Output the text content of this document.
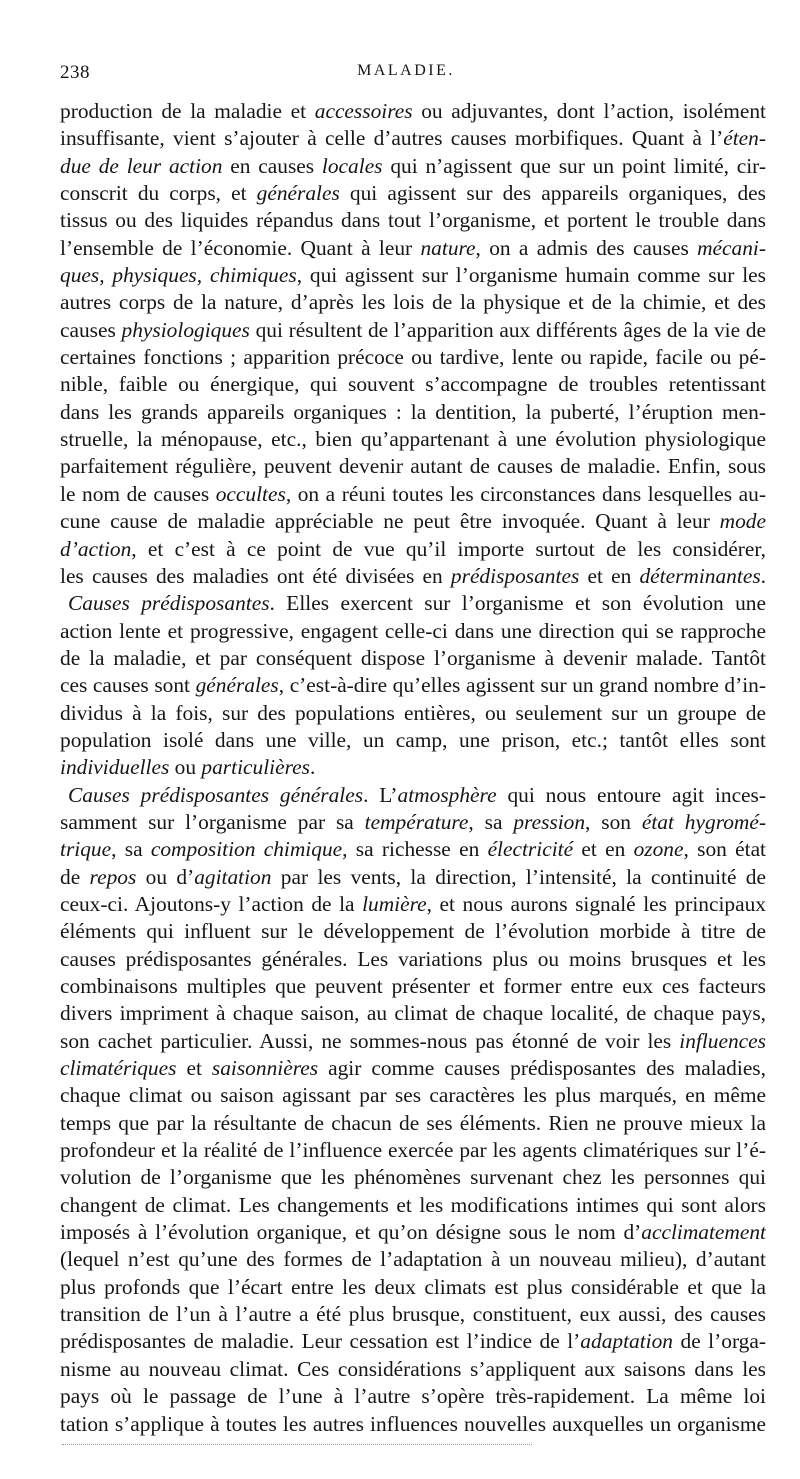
238	MALADIE.
production de la maladie et accessoires ou adjuvantes, dont l’action, isolément
insuffisante, vient s’ajouter à celle d’autres causes morbifiques. Quant à l’éten-
due de leur action en causes locales qui n’agissent que sur un point limité, cir-
conscrit du corps, et générales qui agissent sur des appareils organiques, des
tissus ou des liquides répandus dans tout l’organisme, et portent le trouble dans
l’ensemble de l’économie. Quant à leur nature, on a admis des causes mécani-
ques, physiques, chimiques, qui agissent sur l’organisme humain comme sur les
autres corps de la nature, d’après les lois de la physique et de la chimie, et des
causes physiologiques qui résultent de l’apparition aux différents âges de la vie de
certaines fonctions ; apparition précoce ou tardive, lente ou rapide, facile ou pé-
nible, faible ou énergique, qui souvent s’accompagne de troubles retentissant
dans les grands appareils organiques : la dentition, la puberté, l’éruption men-
struelle, la ménopause, etc., bien qu’appartenant à une évolution physiologique
parfaitement régulière, peuvent devenir autant de causes de maladie. Enfin, sous
le nom de causes occultes, on a réuni toutes les circonstances dans lesquelles au-
cune cause de maladie appréciable ne peut être invoquée. Quant à leur mode
d’action, et c’est à ce point de vue qu’il importe surtout de les considérer,
les causes des maladies ont été divisées en prédisposantes et en déterminantes.
Causes prédisposantes. Elles exercent sur l’organisme et son évolution une
action lente et progressive, engagent celle-ci dans une direction qui se rapproche
de la maladie, et par conséquent dispose l’organisme à devenir malade. Tantôt
ces causes sont générales, c’est-à-dire qu’elles agissent sur un grand nombre d’in-
dividus à la fois, sur des populations entières, ou seulement sur un groupe de
population isolé dans une ville, un camp, une prison, etc.; tantôt elles sont
individuelles ou particulières.
Causes prédisposantes générales. L’atmosphère qui nous entoure agit inces-
samment sur l’organisme par sa température, sa pression, son état hygromé-
trique, sa composition chimique, sa richesse en électricité et en ozone, son état
de repos ou d’agitation par les vents, la direction, l’intensité, la continuité de
ceux-ci. Ajoutons-y l’action de la lumière, et nous aurons signalé les principaux
éléments qui influent sur le développement de l’évolution morbide à titre de
causes prédisposantes générales. Les variations plus ou moins brusques et les
combinaisons multiples que peuvent présenter et former entre eux ces facteurs
divers impriment à chaque saison, au climat de chaque localité, de chaque pays,
son cachet particulier. Aussi, ne sommes-nous pas étonné de voir les influences
climatériques et saisonnières agir comme causes prédisposantes des maladies,
chaque climat ou saison agissant par ses caractères les plus marqués, en même
temps que par la résultante de chacun de ses éléments. Rien ne prouve mieux la
profondeur et la réalité de l’influence exercée par les agents climatériques sur l’é-
volution de l’organisme que les phénomènes survenant chez les personnes qui
changent de climat. Les changements et les modifications intimes qui sont alors
imposés à l’évolution organique, et qu’on désigne sous le nom d’acclimatement
(lequel n’est qu’une des formes de l’adaptation à un nouveau milieu), d’autant
plus profonds que l’écart entre les deux climats est plus considérable et que la
transition de l’un à l’autre a été plus brusque, constituent, eux aussi, des causes
prédisposantes de maladie. Leur cessation est l’indice de l’adaptation de l’orga-
nisme au nouveau climat. Ces considérations s’appliquent aux saisons dans les
pays où le passage de l’une à l’autre s’opère très-rapidement. La même loi
tation s’applique à toutes les autres influences nouvelles auxquelles un organisme
